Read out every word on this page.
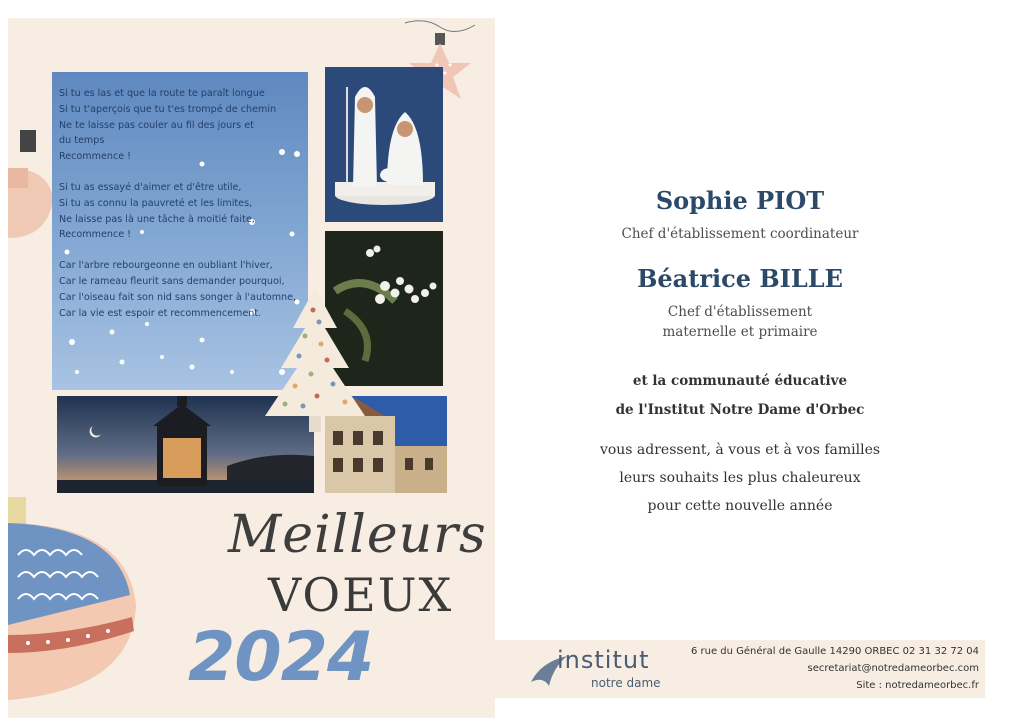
Si tu es las et que la route te paraît longue
Si tu t'aperçois que tu t'es trompé de chemin
Ne te laisse pas couler au fil des jours et
du temps
Recommence !

Si tu as essayé d'aimer et d'être utile,
Si tu as connu la pauvreté et les limites,
Ne laisse pas là une tâche à moitié faite,
Recommence !

Car l'arbre rebourgeonne en oubliant l'hiver,
Car le rameau fleurit sans demander pourquoi,
Car l'oiseau fait son nid sans songer à l'automne,
Car la vie est espoir et recommencement.

Meilleurs
VOEUX
2024
Sophie PIOT
Chef d'établissement coordinateur
Béatrice BILLE
Chef d'établissement
maternelle et primaire
et la communauté éducative
de l'Institut Notre Dame d'Orbec
vous adressent, à vous et à vos familles
leurs souhaits les plus chaleureux
pour cette nouvelle année
institut
notre dame
6 rue du Général de Gaulle 14290 ORBEC 02 31 32 72 04
secretariat@notredameorbec.com
Site : notredameorbec.fr
